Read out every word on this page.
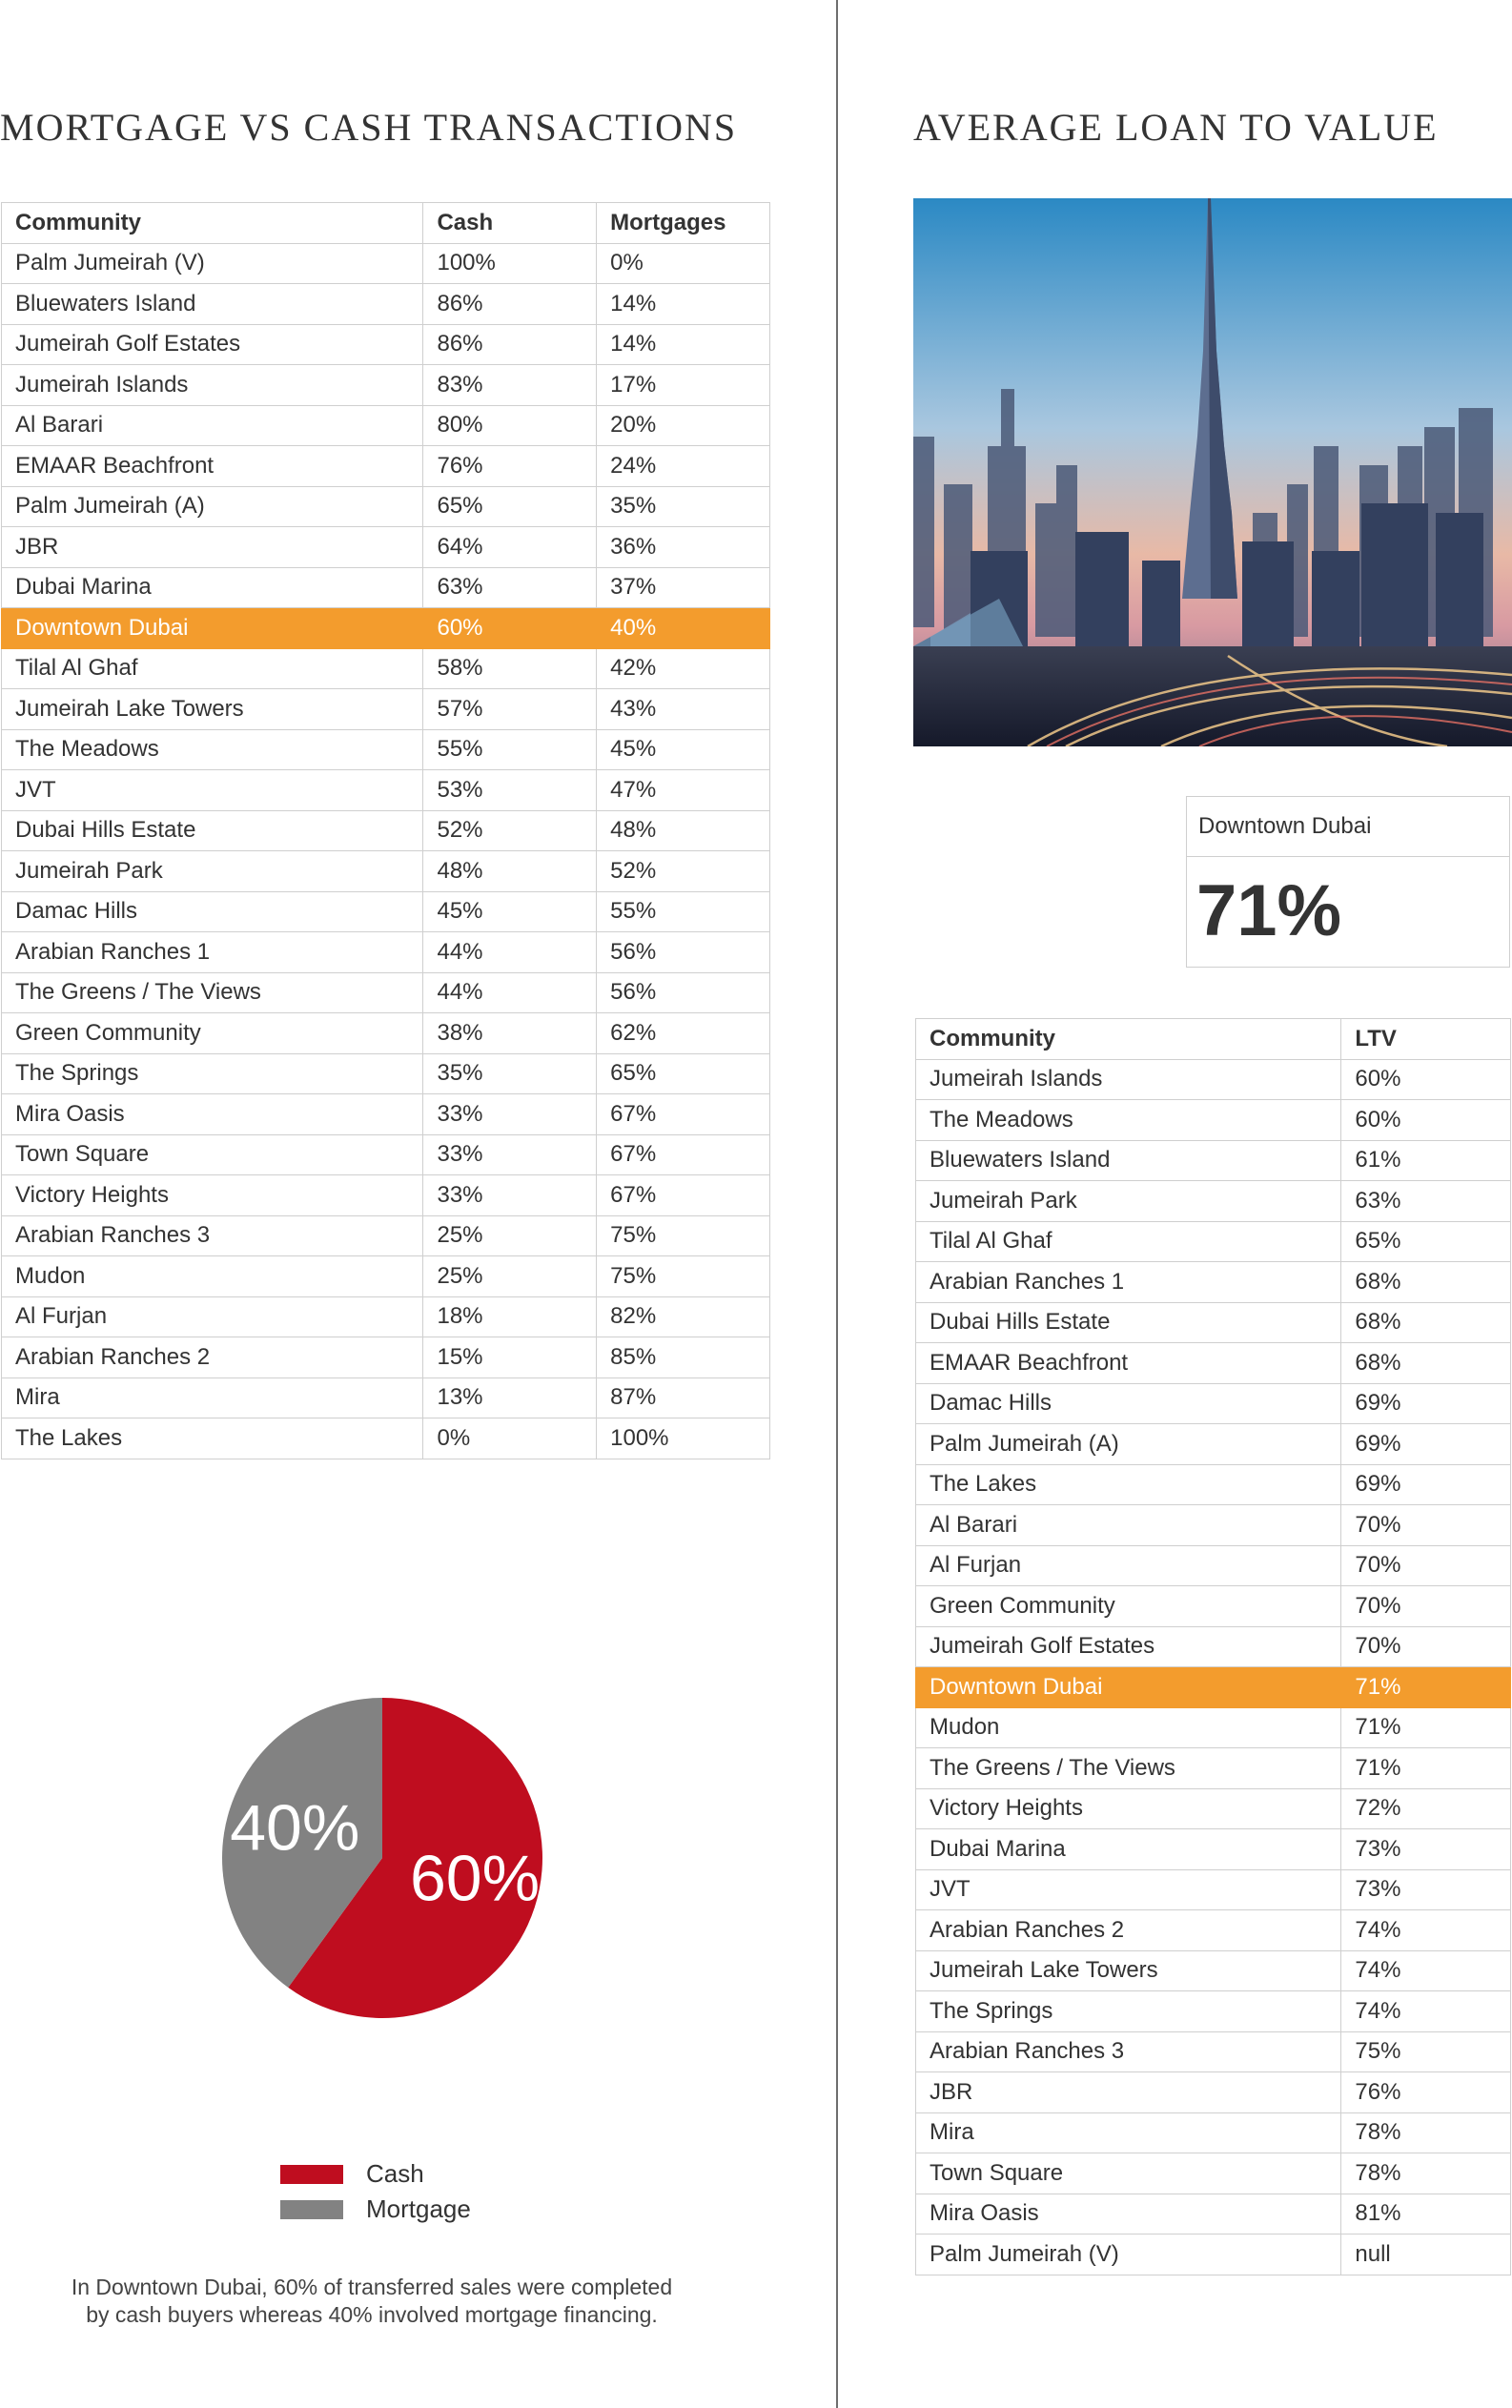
MORTGAGE VS CASH TRANSACTIONS
Community	Cash	Mortgages
Palm Jumeirah (V)	100%	0%
Bluewaters Island	86%	14%
Jumeirah Golf Estates	86%	14%
Jumeirah Islands	83%	17%
Al Barari	80%	20%
EMAAR Beachfront	76%	24%
Palm Jumeirah (A)	65%	35%
JBR	64%	36%
Dubai Marina	63%	37%
Downtown Dubai	60%	40%
Tilal Al Ghaf	58%	42%
Jumeirah Lake Towers	57%	43%
The Meadows	55%	45%
JVT	53%	47%
Dubai Hills Estate	52%	48%
Jumeirah Park	48%	52%
Damac Hills	45%	55%
Arabian Ranches 1	44%	56%
The Greens / The Views	44%	56%
Green Community	38%	62%
The Springs	35%	65%
Mira Oasis	33%	67%
Town Square	33%	67%
Victory Heights	33%	67%
Arabian Ranches 3	25%	75%
Mudon	25%	75%
Al Furjan	18%	82%
Arabian Ranches 2	15%	85%
Mira	13%	87%
The Lakes	0%	100%
60%
40%
Cash
Mortgage
In Downtown Dubai, 60% of transferred sales were completed by cash buyers whereas 40% involved mortgage financing.
AVERAGE LOAN TO VALUE
Downtown Dubai
71%
Community	LTV
Jumeirah Islands	60%
The Meadows	60%
Bluewaters Island	61%
Jumeirah Park	63%
Tilal Al Ghaf	65%
Arabian Ranches 1	68%
Dubai Hills Estate	68%
EMAAR Beachfront	68%
Damac Hills	69%
Palm Jumeirah (A)	69%
The Lakes	69%
Al Barari	70%
Al Furjan	70%
Green Community	70%
Jumeirah Golf Estates	70%
Downtown Dubai	71%
Mudon	71%
The Greens / The Views	71%
Victory Heights	72%
Dubai Marina	73%
JVT	73%
Arabian Ranches 2	74%
Jumeirah Lake Towers	74%
The Springs	74%
Arabian Ranches 3	75%
JBR	76%
Mira	78%
Town Square	78%
Mira Oasis	81%
Palm Jumeirah (V)	null
